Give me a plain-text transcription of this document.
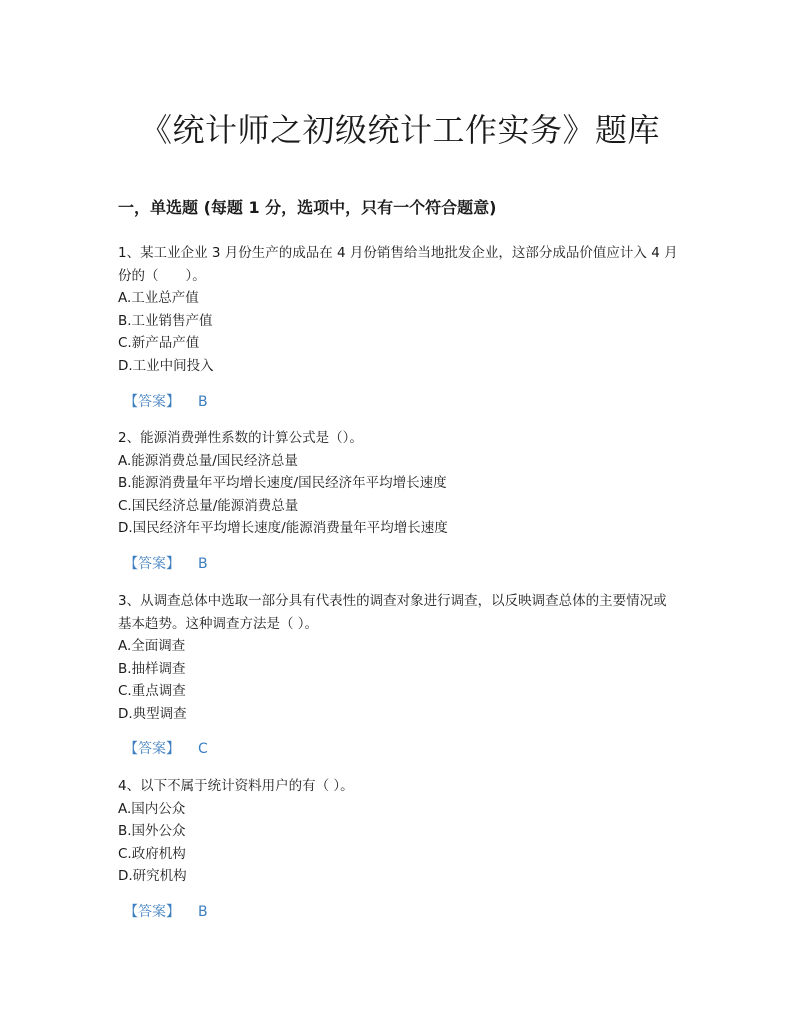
《统计师之初级统计工作实务》题库
一，单选题 (每题 1 分，选项中，只有一个符合题意)
1、某工业企业 3 月份生产的成品在 4 月份销售给当地批发企业，这部分成品价值应计入 4 月份的（　　）。
A.工业总产值
B.工业销售产值
C.新产品产值
D.工业中间投入
【答案】 B
2、能源消费弹性系数的计算公式是（）。
A.能源消费总量/国民经济总量
B.能源消费量年平均增长速度/国民经济年平均增长速度
C.国民经济总量/能源消费总量
D.国民经济年平均增长速度/能源消费量年平均增长速度
【答案】 B
3、从调查总体中选取一部分具有代表性的调查对象进行调查，以反映调查总体的主要情况或基本趋势。这种调查方法是（ ）。
A.全面调查
B.抽样调查
C.重点调查
D.典型调查
【答案】 C
4、以下不属于统计资料用户的有（ ）。
A.国内公众
B.国外公众
C.政府机构
D.研究机构
【答案】 B
